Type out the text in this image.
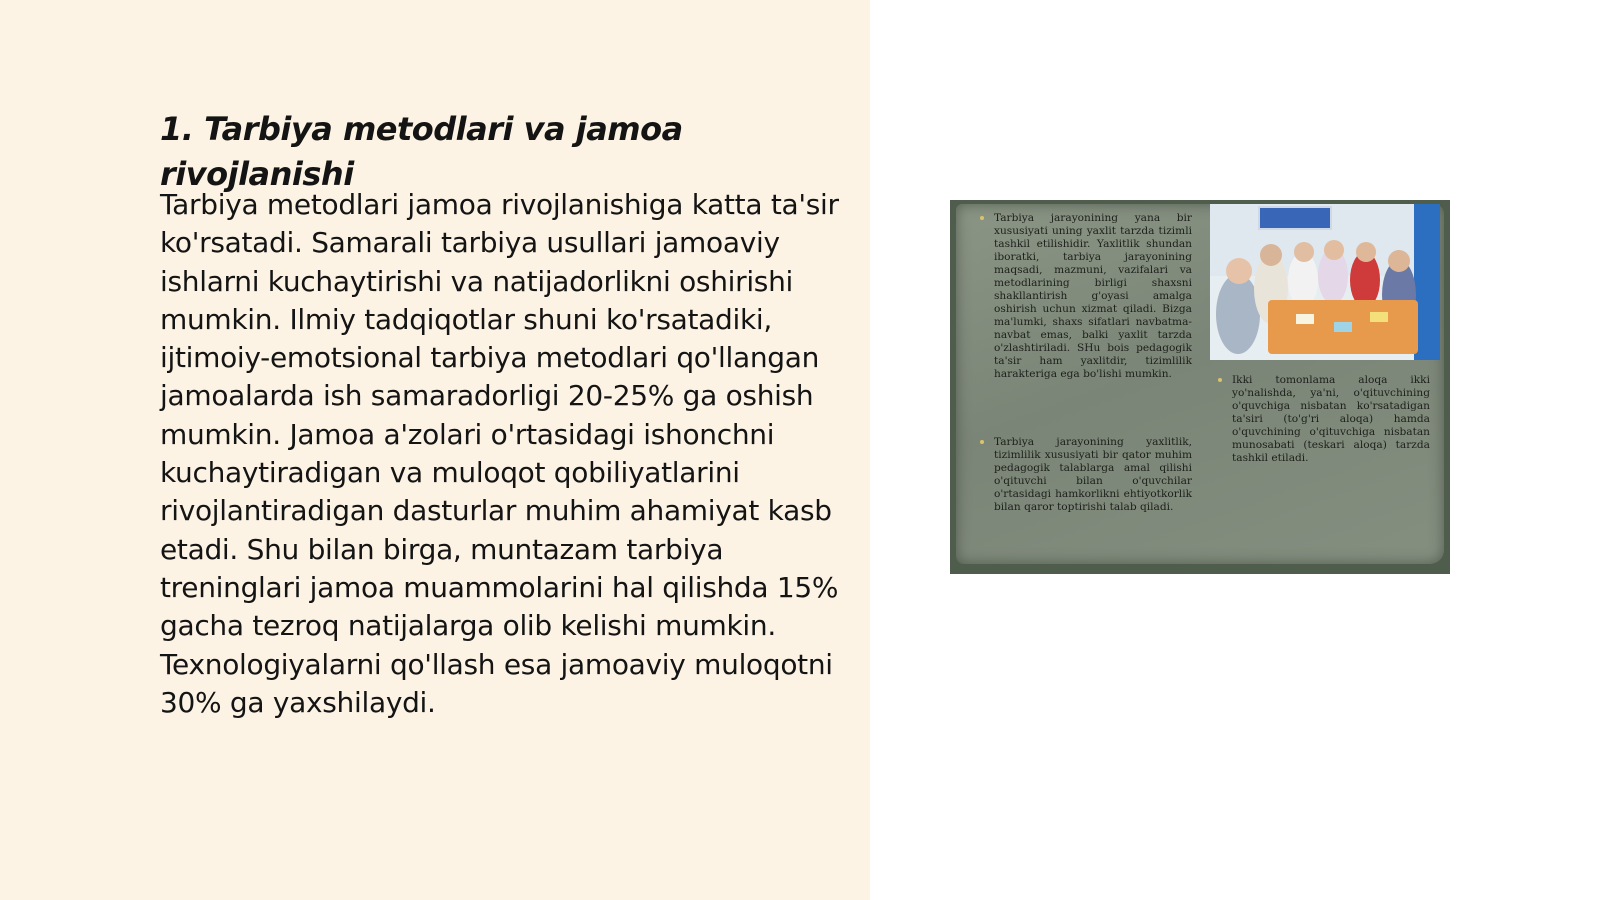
1. Tarbiya metodlari va jamoa rivojlanishi

Tarbiya metodlari jamoa rivojlanishiga katta ta'sir ko'rsatadi. Samarali tarbiya usullari jamoaviy ishlarni kuchaytirishi va natijadorlikni oshirishi mumkin. Ilmiy tadqiqotlar shuni ko'rsatadiki, ijtimoiy-emotsional tarbiya metodlari qo'llangan jamoalarda ish samaradorligi 20-25% ga oshish mumkin. Jamoa a'zolari o'rtasidagi ishonchni kuchaytiradigan va muloqot qobiliyatlarini rivojlantiradigan dasturlar muhim ahamiyat kasb etadi. Shu bilan birga, muntazam tarbiya treninglari jamoa muammolarini hal qilishda 15% gacha tezroq natijalarga olib kelishi mumkin. Texnologiyalarni qo'llash esa jamoaviy muloqotni 30% ga yaxshilaydi.

Tarbiya jarayonining yana bir xususiyati uning yaxlit tarzda tizimli tashkil etilishidir. Yaxlitlik shundan iboratki, tarbiya jarayonining maqsadi, mazmuni, vazifalari va metodlarining birligi shaxsni shakllantirish g'oyasi amalga oshirish uchun xizmat qiladi. Bizga ma'lumki, shaxs sifatlari navbatma-navbat emas, balki yaxlit tarzda o'zlashtiriladi. SHu bois pedagogik ta'sir ham yaxlitdir, tizimlilik harakteriga ega bo'lishi mumkin.

Tarbiya jarayonining yaxlitlik, tizimlilik xususiyati bir qator muhim pedagogik talablarga amal qilishi o'qituvchi bilan o'quvchilar o'rtasidagi hamkorlikni ehtiyotkorlik bilan qaror toptirishi talab qiladi.

Ikki tomonlama aloqa ikki yo'nalishda, ya'ni, o'qituvchining o'quvchiga nisbatan ko'rsatadigan ta'siri (to'g'ri aloqa) hamda o'quvchining o'qituvchiga nisbatan munosabati (teskari aloqa) tarzda tashkil etiladi.
